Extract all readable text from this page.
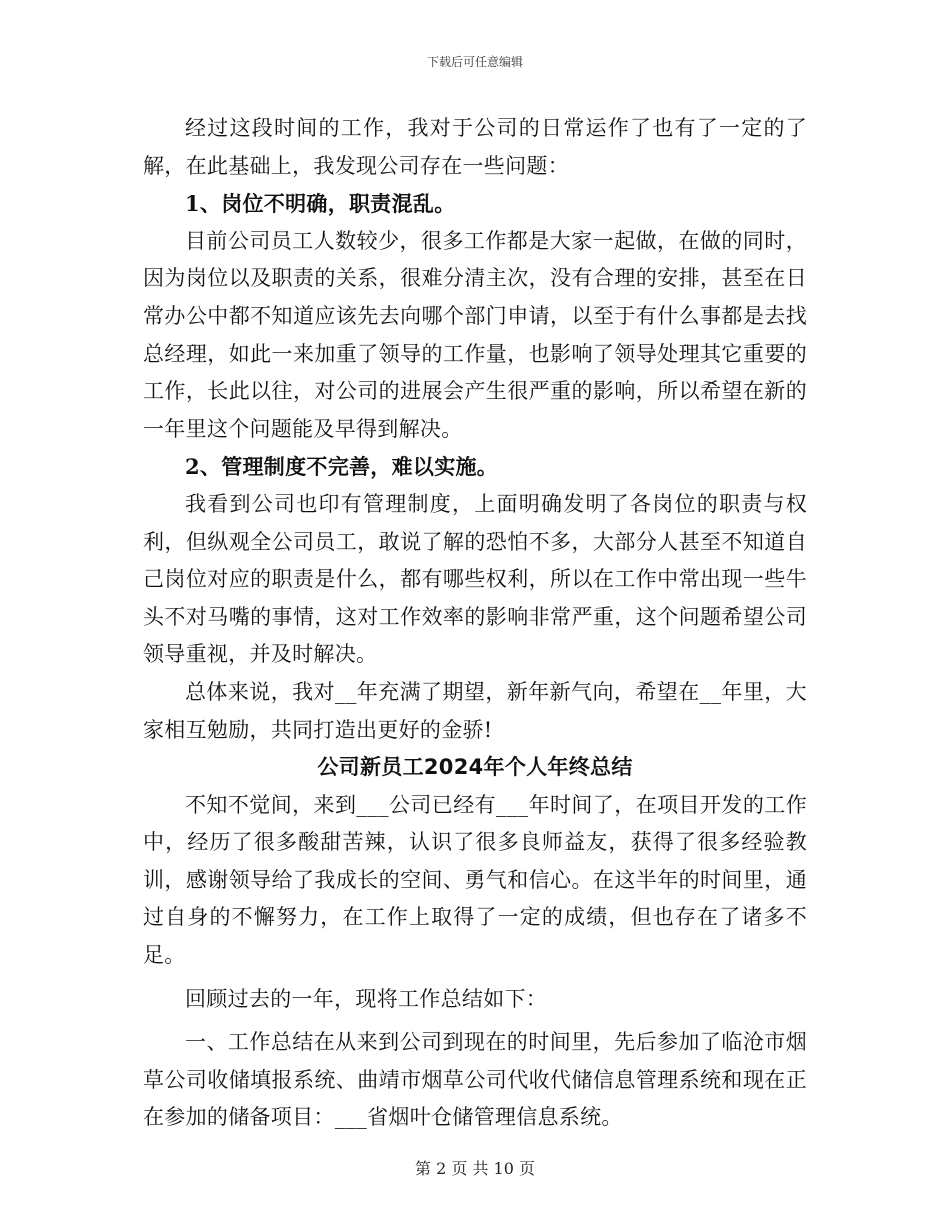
下载后可任意编辑

经过这段时间的工作，我对于公司的日常运作了也有了一定的了解，在此基础上，我发现公司存在一些问题：

1、岗位不明确，职责混乱。

目前公司员工人数较少，很多工作都是大家一起做，在做的同时，因为岗位以及职责的关系，很难分清主次，没有合理的安排，甚至在日常办公中都不知道应该先去向哪个部门申请，以至于有什么事都是去找总经理，如此一来加重了领导的工作量，也影响了领导处理其它重要的工作，长此以往，对公司的进展会产生很严重的影响，所以希望在新的一年里这个问题能及早得到解决。

2、管理制度不完善，难以实施。

我看到公司也印有管理制度，上面明确发明了各岗位的职责与权利，但纵观全公司员工，敢说了解的恐怕不多，大部分人甚至不知道自己岗位对应的职责是什么，都有哪些权利，所以在工作中常出现一些牛头不对马嘴的事情，这对工作效率的影响非常严重，这个问题希望公司领导重视，并及时解决。

总体来说，我对__年充满了期望，新年新气向，希望在__年里，大家相互勉励，共同打造出更好的金骄!

公司新员工2024年个人年终总结

不知不觉间，来到___公司已经有___年时间了，在项目开发的工作中，经历了很多酸甜苦辣，认识了很多良师益友，获得了很多经验教训，感谢领导给了我成长的空间、勇气和信心。在这半年的时间里，通过自身的不懈努力，在工作上取得了一定的成绩，但也存在了诸多不足。

回顾过去的一年，现将工作总结如下：

一、工作总结在从来到公司到现在的时间里，先后参加了临沧市烟草公司收储填报系统、曲靖市烟草公司代收代储信息管理系统和现在正在参加的储备项目：___省烟叶仓储管理信息系统。

第 2 页 共 10 页
